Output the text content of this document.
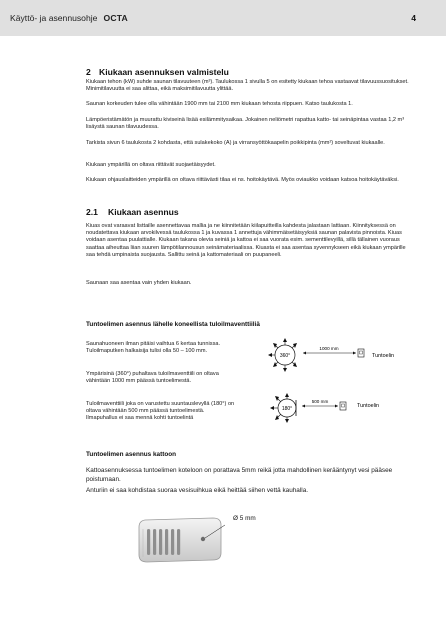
Käyttö- ja asennusohje OCTA	4
2 Kiukaan asennuksen valmistelu
Kiukaan tehon (kW) suhde saunan tilavuuteen (m³). Taulukossa 1 sivulla 5 on esitetty kiukaan tehoa vastaavat tilavuussuositukset. Minimitilavuutta ei saa alittaa, eikä maksimitilavuutta ylittää.
Saunan korkeuden tulee olla vähintään 1900 mm tai 2100 mm kiukaan tehosta riippuen. Katso taulukosta 1.
Lämpöeristämätön ja muurattu kiviseinä lisää esilämmitysaikaa. Jokainen neliömetri rapattua katto- tai seinäpintaa vastaa 1,2 m³ lisäystä saunan tilavuudessa.
Tarkista sivun 6 taulukosta 2 kohdasta, että sulakekoko (A) ja virransyöttökaapelin poikkipinta (mm²) soveltuvat kiukaalle.
Kiukaan ympärillä on oltava riittävät suojaetäisyydet.
Kiukaan ohjauslaitteiden ympärillä on oltava riittävästi tilaa ei ns. hoitokäytävä. Myös oviaukko voidaan katsoa hoitokäytäväksi.
2.1 Kiukaan asennus
Kiuas ovat varaavat listtaille asennettavaa mallia ja ne kiinnitetään kiilapuitteilla kahdesta jalastaan lattiaan. Kiinnityksessä on noudatettava kiukaan arvokilvessä taulukossa 1 ja kuvassa 1 annettuja vähimmäisetäisyyksiä saunan palavista pinnoista. Kiuas voidaan asentaa puulattialle. Kiukaan takana olevia seiniä ja kattoa ei saa vuorata esim. sementtilevyillä, sillä tällainen vuoraus saattaa aiheuttaa liian suuren lämpötilannousun seinämateriaalissa. Kiuasta ei saa asentaa syvennykseen eikä kiukaan ympärille saa tehdä umpinaista suojausta. Sallittu seinä ja kattomateriaali on puupaneeli.
Saunaan saa asentaa vain yhden kiukaan.
Tuntoelimen asennus lähelle koneellista tuloilmaventtiiliä
Saunahuoneen ilman pitäisi vaihtua 6 kertaa tunnissa. Tuloilmaputken halkaisija tulisi olla 50 – 100 mm.
Ympärisinä (360°) puhaltava tuloilmaventtiili on oltava vähintään 1000 mm päässä tuntoelimestä.
Tuloilmaventtiili joka on varustettu suuntauslevyllä (180°) on oltava vähintään 500 mm päässä tuntoelimestä. Ilmapuhallus ei saa mennä kohti tuntoelintä
360°
1000 mm
Tuntoelin
180°
500 mm
Tuntoelin
Tuntoelimen asennus kattoon
Kattoasennuksessa tuntoelimen koteloon on porattava 5mm reikä jotta mahdollinen kerääntynyt vesi pääsee poistumaan.
Anturiin ei saa kohdistaa suoraa vesisuihkua eikä heittää siihen vettä kauhalla.
Ø 5 mm
